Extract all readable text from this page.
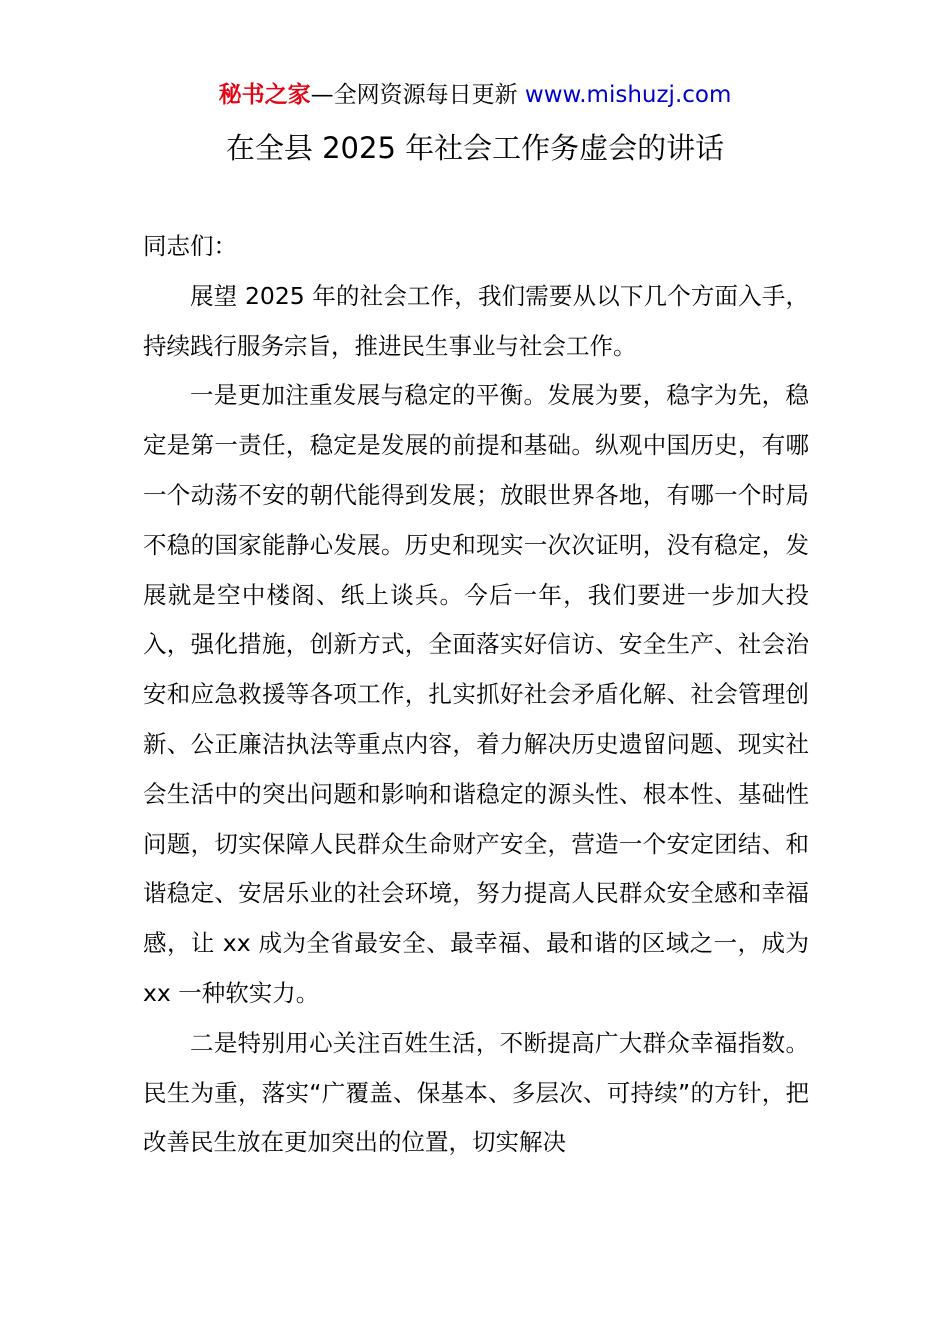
秘书之家—全网资源每日更新 www.mishuzj.com
在全县 2025 年社会工作务虚会的讲话

同志们：

展望 2025 年的社会工作，我们需要从以下几个方面入手，持续践行服务宗旨，推进民生事业与社会工作。

一是更加注重发展与稳定的平衡。发展为要，稳字为先，稳定是第一责任，稳定是发展的前提和基础。纵观中国历史，有哪一个动荡不安的朝代能得到发展；放眼世界各地，有哪一个时局不稳的国家能静心发展。历史和现实一次次证明，没有稳定，发展就是空中楼阁、纸上谈兵。今后一年，我们要进一步加大投入，强化措施，创新方式，全面落实好信访、安全生产、社会治安和应急救援等各项工作，扎实抓好社会矛盾化解、社会管理创新、公正廉洁执法等重点内容，着力解决历史遗留问题、现实社会生活中的突出问题和影响和谐稳定的源头性、根本性、基础性问题，切实保障人民群众生命财产安全，营造一个安定团结、和谐稳定、安居乐业的社会环境，努力提高人民群众安全感和幸福感，让 xx 成为全省最安全、最幸福、最和谐的区域之一，成为 xx 一种软实力。

二是特别用心关注百姓生活，不断提高广大群众幸福指数。民生为重，落实“广覆盖、保基本、多层次、可持续”的方针，把改善民生放在更加突出的位置，切实解决
